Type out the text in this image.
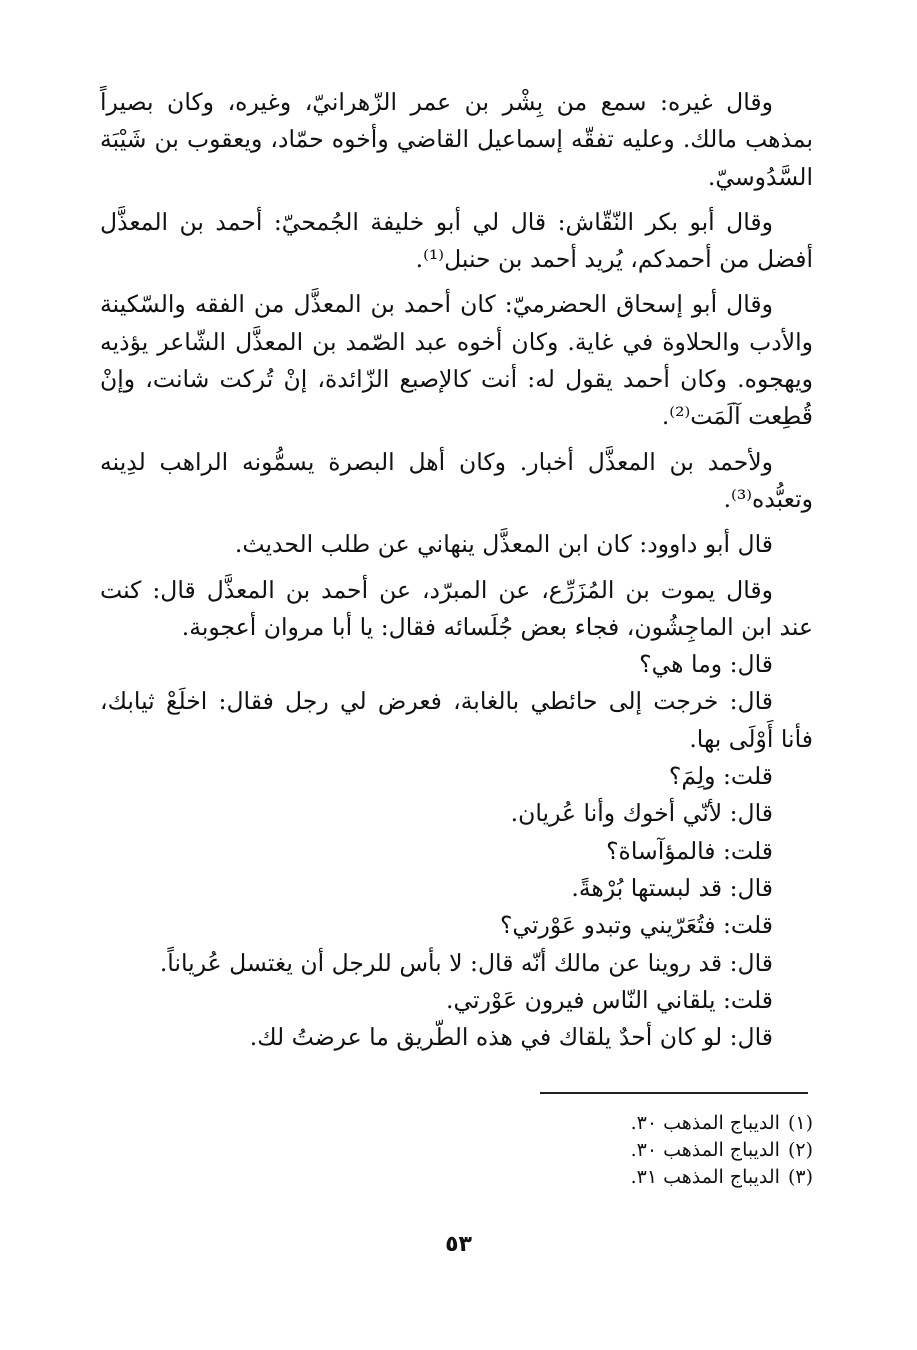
وقال غيره: سمع من بِشْر بن عمر الزّهرانيّ، وغيره، وكان بصيراً بمذهب مالك. وعليه تفقّه إسماعيل القاضي وأخوه حمّاد، ويعقوب بن شَيْبَة السَّدُوسيّ.

وقال أبو بكر النّقّاش: قال لي أبو خليفة الجُمحيّ: أحمد بن المعذَّل أفضل من أحمدكم، يُريد أحمد بن حنبل⁽¹⁾.

وقال أبو إسحاق الحضرميّ: كان أحمد بن المعذَّل من الفقه والسّكينة والأدب والحلاوة في غاية. وكان أخوه عبد الصّمد بن المعذَّل الشّاعر يؤذيه ويهجوه. وكان أحمد يقول له: أنت كالإصبع الزّائدة، إنْ تُركت شانت، وإنْ قُطِعت آلَمَت⁽²⁾.

ولأحمد بن المعذَّل أخبار. وكان أهل البصرة يسمُّونه الراهب لدِينه وتعبُّده⁽³⁾.

قال أبو داوود: كان ابن المعذَّل ينهاني عن طلب الحديث.

وقال يموت بن المُزَرِّع، عن المبرّد، عن أحمد بن المعذَّل قال: كنت عند ابن الماجِشُون، فجاء بعض جُلَسائه فقال: يا أبا مروان أعجوبة.

قال: وما هي؟

قال: خرجت إلى حائطي بالغابة، فعرض لي رجل فقال: اخلَعْ ثيابك، فأنا أَوْلَى بها.

قلت: ولِمَ؟

قال: لأنّي أخوك وأنا عُريان.

قلت: فالمؤآساة؟

قال: قد لبستها بُرْهةً.

قلت: فتُعَرّيني وتبدو عَوْرتي؟

قال: قد روينا عن مالك أنّه قال: لا بأس للرجل أن يغتسل عُرياناً.

قلت: يلقاني النّاس فيرون عَوْرتي.

قال: لو كان أحدٌ يلقاك في هذه الطّريق ما عرضتُ لك.

(١)الديباج المذهب ٣٠.

(٢)الديباج المذهب ٣٠.

(٣)الديباج المذهب ٣١.

٥٣
